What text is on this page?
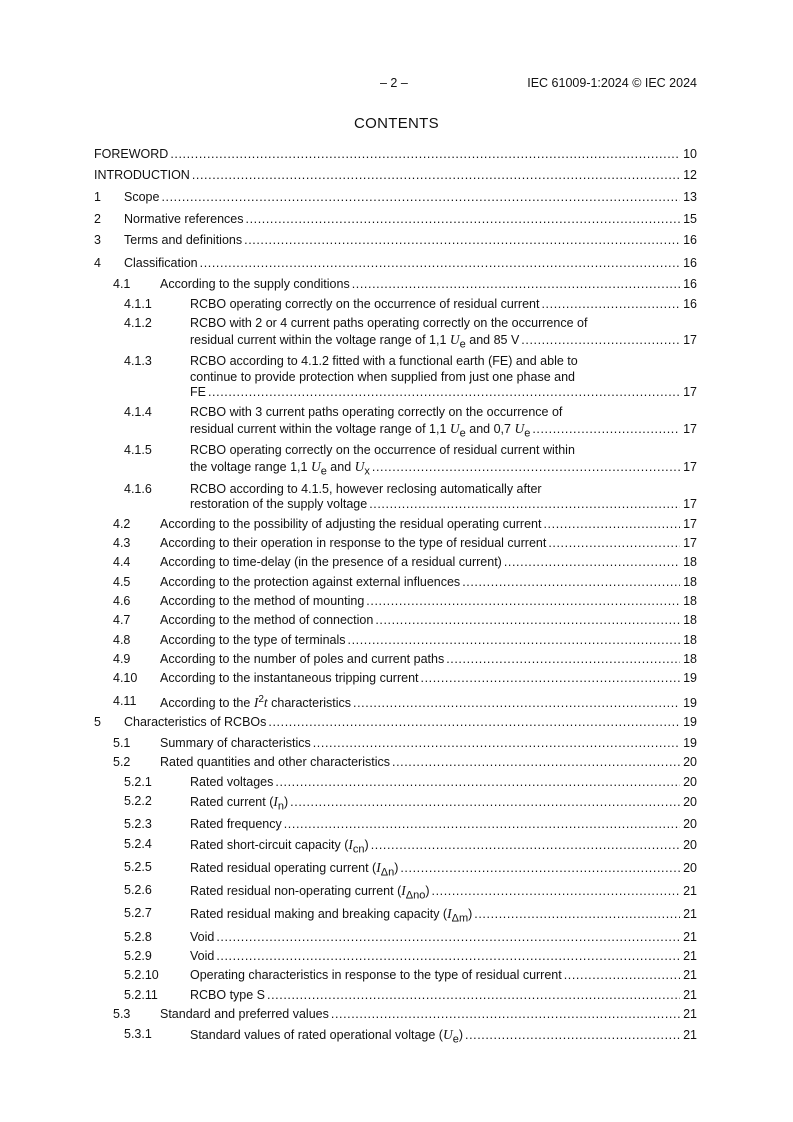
– 2 –	IEC 61009-1:2024 © IEC 2024
CONTENTS
FOREWORD .....	10
INTRODUCTION .....	12
1 Scope .....	13
2 Normative references .....	15
3 Terms and definitions .....	16
4 Classification .....	16
4.1 According to the supply conditions .....	16
4.1.1	RCBO operating correctly on the occurrence of residual current .....	16
4.1.2	RCBO with 2 or 4 current paths operating correctly on the occurrence of
residual current within the voltage range of 1,1 $U_e$ and 85 V .....	17
4.1.3	RCBO according to 4.1.2 fitted with a functional earth (FE) and able to
continue to provide protection when supplied from just one phase and
FE .....	17
4.1.4	RCBO with 3 current paths operating correctly on the occurrence of
residual current within the voltage range of 1,1 $U_e$ and 0,7 $U_e$ .....	17
4.1.5	RCBO operating correctly on the occurrence of residual current within
the voltage range 1,1 $U_e$ and $U_x$ .....	17
4.1.6	RCBO according to 4.1.5, however reclosing automatically after
restoration of the supply voltage .....	17
4.2 According to the possibility of adjusting the residual operating current .....	17
4.3 According to their operation in response to the type of residual current .....	17
4.4 According to time-delay (in the presence of a residual current) .....	18
4.5 According to the protection against external influences .....	18
4.6 According to the method of mounting .....	18
4.7 According to the method of connection .....	18
4.8 According to the type of terminals .....	18
4.9 According to the number of poles and current paths .....	18
4.10 According to the instantaneous tripping current .....	19
4.11 According to the $I^2t$ characteristics .....	19
5 Characteristics of RCBOs .....	19
5.1 Summary of characteristics .....	19
5.2 Rated quantities and other characteristics .....	20
5.2.1	Rated voltages .....	20
5.2.2	Rated current $(I_n)$ .....	20
5.2.3	Rated frequency .....	20
5.2.4	Rated short-circuit capacity $(I_{cn})$ .....	20
5.2.5	Rated residual operating current $(I_{\Delta n})$ .....	20
5.2.6	Rated residual non-operating current $(I_{\Delta no})$ .....	21
5.2.7	Rated residual making and breaking capacity $(I_{\Delta m})$ .....	21
5.2.8	Void .....	21
5.2.9	Void .....	21
5.2.10 Operating characteristics in response to the type of residual current .....	21
5.2.11	RCBO type S .....	21
5.3 Standard and preferred values .....	21
5.3.1	Standard values of rated operational voltage $(U_e)$ .....	21
